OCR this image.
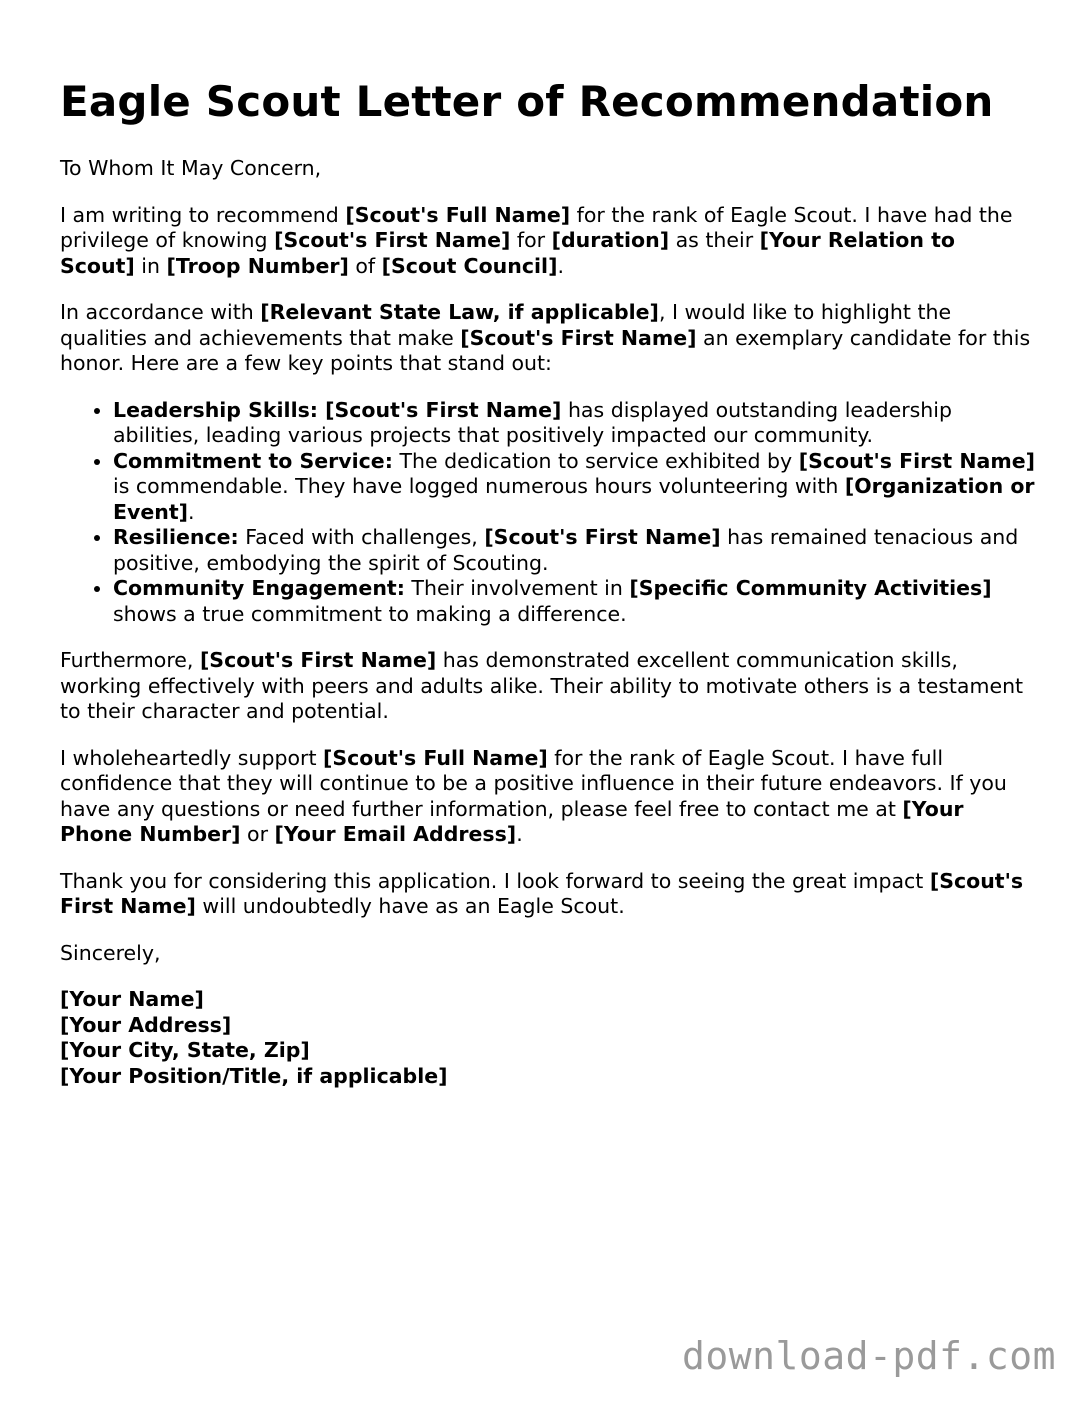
Eagle Scout Letter of Recommendation

To Whom It May Concern,

I am writing to recommend [Scout's Full Name] for the rank of Eagle Scout. I have had the privilege of knowing [Scout's First Name] for [duration] as their [Your Relation to Scout] in [Troop Number] of [Scout Council].

In accordance with [Relevant State Law, if applicable], I would like to highlight the qualities and achievements that make [Scout's First Name] an exemplary candidate for this honor. Here are a few key points that stand out:

• Leadership Skills: [Scout's First Name] has displayed outstanding leadership abilities, leading various projects that positively impacted our community.
• Commitment to Service: The dedication to service exhibited by [Scout's First Name] is commendable. They have logged numerous hours volunteering with [Organization or Event].
• Resilience: Faced with challenges, [Scout's First Name] has remained tenacious and positive, embodying the spirit of Scouting.
• Community Engagement: Their involvement in [Specific Community Activities] shows a true commitment to making a difference.

Furthermore, [Scout's First Name] has demonstrated excellent communication skills, working effectively with peers and adults alike. Their ability to motivate others is a testament to their character and potential.

I wholeheartedly support [Scout's Full Name] for the rank of Eagle Scout. I have full confidence that they will continue to be a positive influence in their future endeavors. If you have any questions or need further information, please feel free to contact me at [Your Phone Number] or [Your Email Address].

Thank you for considering this application. I look forward to seeing the great impact [Scout's First Name] will undoubtedly have as an Eagle Scout.

Sincerely,

[Your Name]
[Your Address]
[Your City, State, Zip]
[Your Position/Title, if applicable]
download-pdf.com
